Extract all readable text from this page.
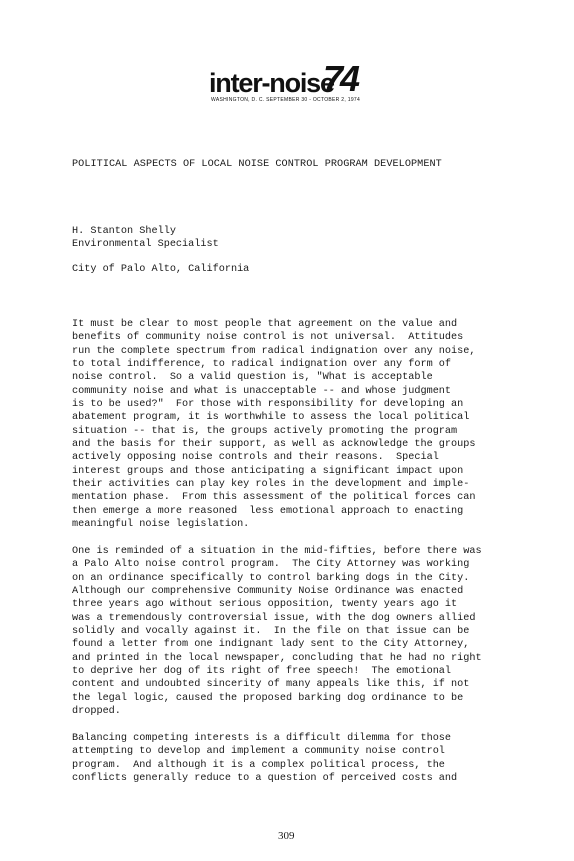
inter-noise
74
WASHINGTON, D. C. SEPTEMBER 30 - OCTOBER 2, 1974
POLITICAL ASPECTS OF LOCAL NOISE CONTROL PROGRAM DEVELOPMENT
H. Stanton Shelly
Environmental Specialist
City of Palo Alto, California

It must be clear to most people that agreement on the value and
benefits of community noise control is not universal.  Attitudes
run the complete spectrum from radical indignation over any noise,
to total indifference, to radical indignation over any form of
noise control.  So a valid question is, "What is acceptable
community noise and what is unacceptable -- and whose judgment
is to be used?"  For those with responsibility for developing an
abatement program, it is worthwhile to assess the local political
situation -- that is, the groups actively promoting the program
and the basis for their support, as well as acknowledge the groups
actively opposing noise controls and their reasons.  Special
interest groups and those anticipating a significant impact upon
their activities can play key roles in the development and imple-
mentation phase.  From this assessment of the political forces can
then emerge a more reasoned  less emotional approach to enacting
meaningful noise legislation.

One is reminded of a situation in the mid-fifties, before there was
a Palo Alto noise control program.  The City Attorney was working
on an ordinance specifically to control barking dogs in the City.
Although our comprehensive Community Noise Ordinance was enacted
three years ago without serious opposition, twenty years ago it
was a tremendously controversial issue, with the dog owners allied
solidly and vocally against it.  In the file on that issue can be
found a letter from one indignant lady sent to the City Attorney,
and printed in the local newspaper, concluding that he had no right
to deprive her dog of its right of free speech!  The emotional
content and undoubted sincerity of many appeals like this, if not
the legal logic, caused the proposed barking dog ordinance to be
dropped.

Balancing competing interests is a difficult dilemma for those
attempting to develop and implement a community noise control
program.  And although it is a complex political process, the
conflicts generally reduce to a question of perceived costs and

309
